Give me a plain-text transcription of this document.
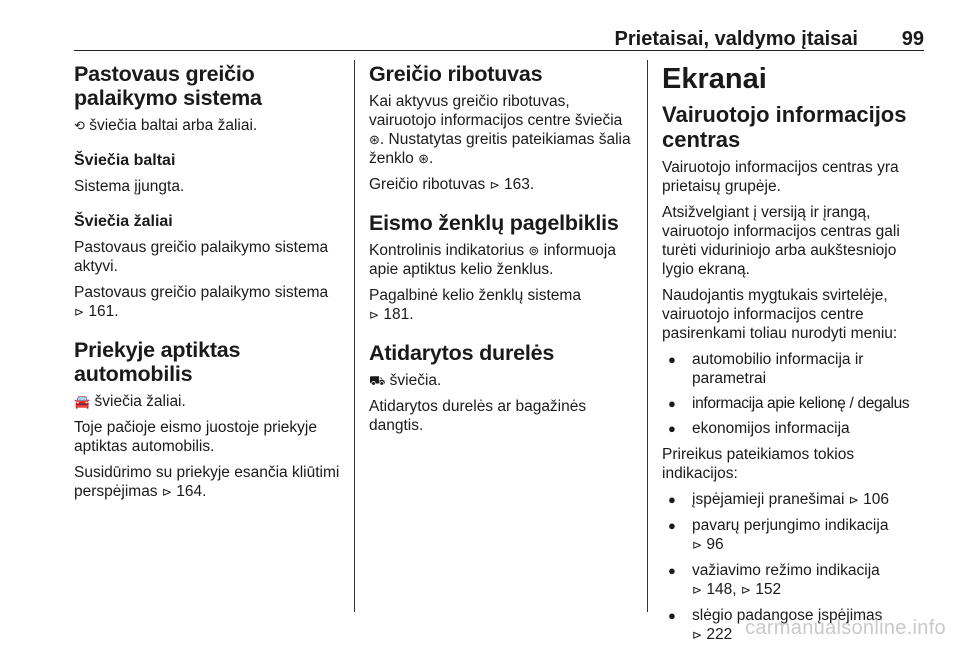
Prietaisai, valdymo įtaisai 99
Pastovaus greičio palaikymo sistema

⟲ šviečia baltai arba žaliai.

Šviečia baltai

Sistema įjungta.

Šviečia žaliai

Pastovaus greičio palaikymo sistema aktyvi.

Pastovaus greičio palaikymo sistema ⊳ 161.

Priekyje aptiktas automobilis

🚘 šviečia žaliai.

Toje pačioje eismo juostoje priekyje aptiktas automobilis.

Susidūrimo su priekyje esančia kliūtimi perspėjimas ⊳ 164.

Greičio ribotuvas

Kai aktyvus greičio ribotuvas, vairuotojo informacijos centre šviečia ⊛. Nustatytas greitis pateikiamas šalia ženklo ⊛.

Greičio ribotuvas ⊳ 163.

Eismo ženklų pagelbiklis

Kontrolinis indikatorius ⊚ informuoja apie aptiktus kelio ženklus.

Pagalbinė kelio ženklų sistema
⊳ 181.

Atidarytos durelės

⛟ šviečia.

Atidarytos durelės ar bagažinės dangtis.

Ekranai
Vairuotojo informacijos centras

Vairuotojo informacijos centras yra prietaisų grupėje.

Atsižvelgiant į versiją ir įrangą, vairuotojo informacijos centras gali turėti viduriniojo arba aukštesniojo lygio ekraną.

Naudojantis mygtukais svirtelėje, vairuotojo informacijos centre pasirenkami toliau nurodyti meniu:

● automobilio informacija ir parametrai
● informacija apie kelionę / degalus
● ekonomijos informacija

Prireikus pateikiamos tokios indikacijos:

● įspėjamieji pranešimai ⊳ 106
● pavarų perjungimo indikacija
⊳ 96
● važiavimo režimo indikacija
⊳ 148, ⊳ 152
● slėgio padangose įspėjimas
⊳ 222 carmanualsonline.info
